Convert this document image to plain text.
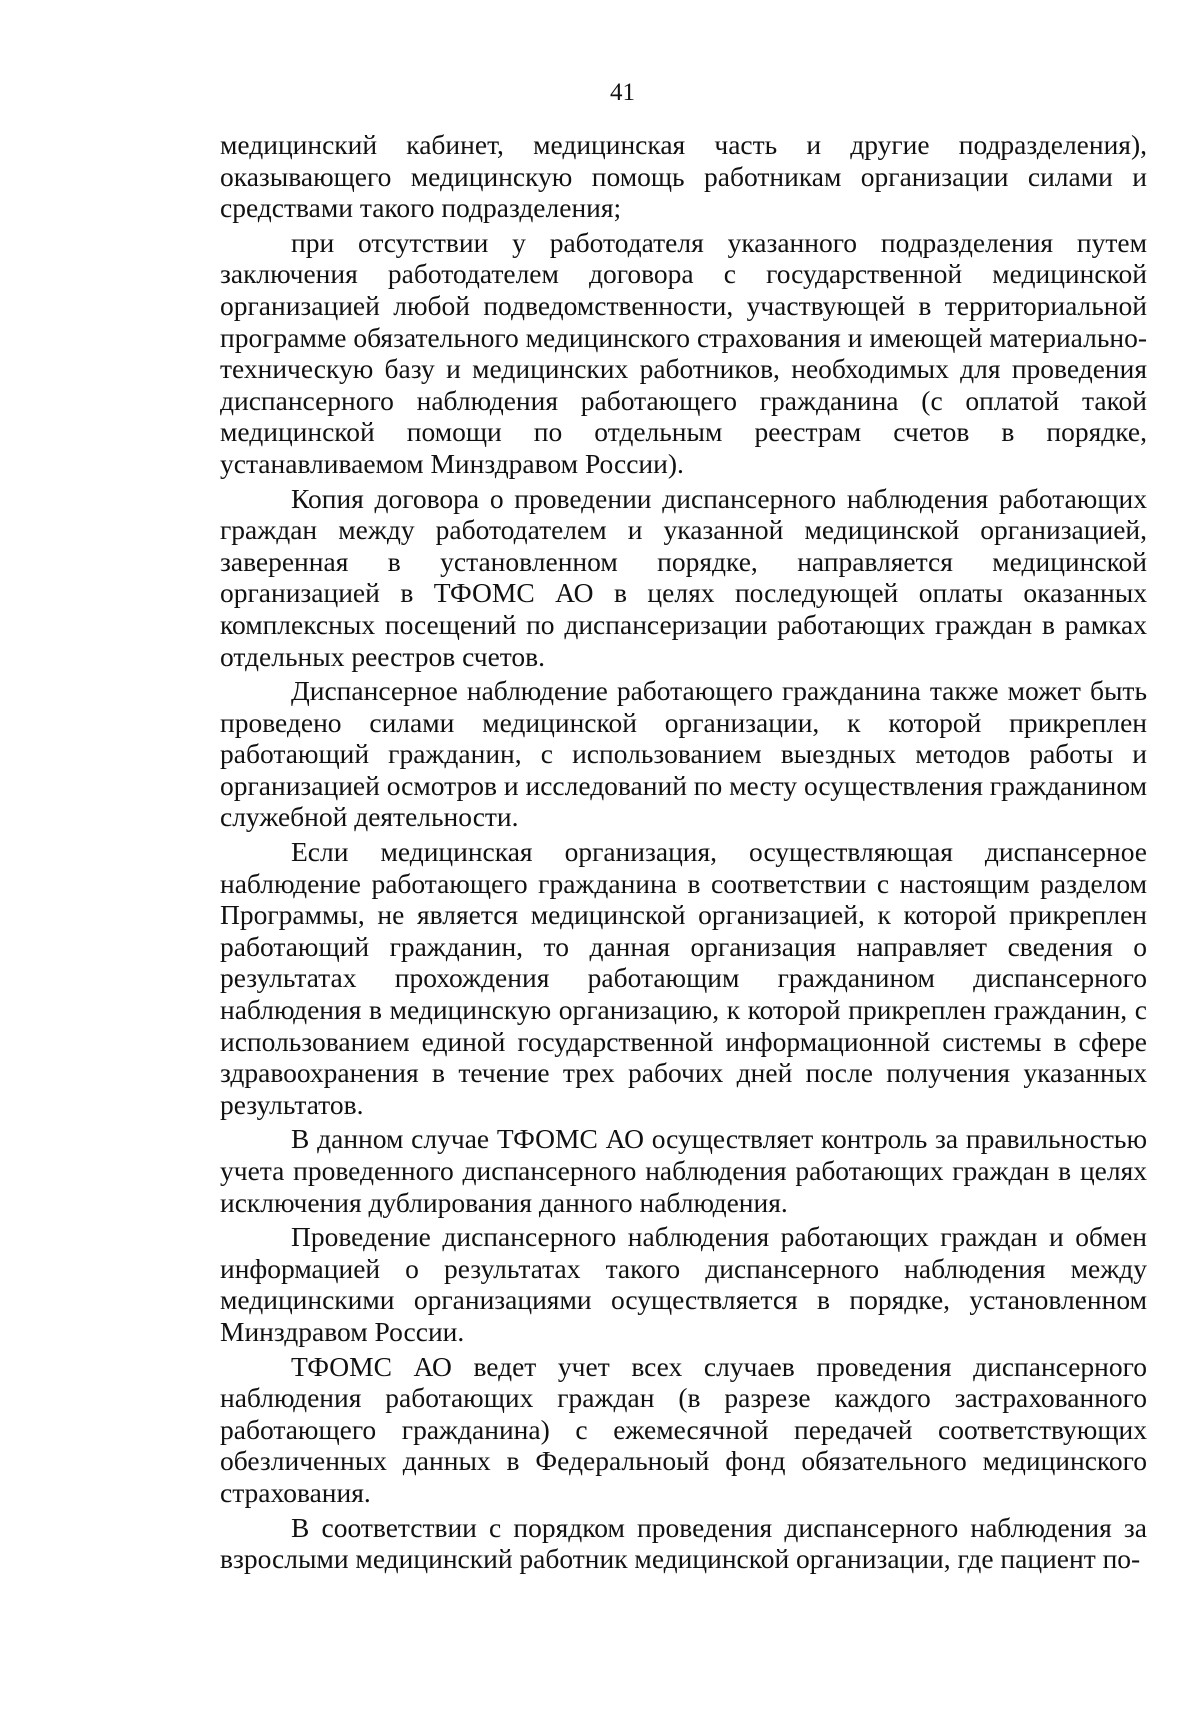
41

медицинский кабинет, медицинская часть и другие подразделения), оказывающего медицинскую помощь работникам организации силами и средствами такого подразделения;

при отсутствии у работодателя указанного подразделения путем заключения работодателем договора с государственной медицинской организацией любой подведомственности, участвующей в территориальной программе обязательного медицинского страхования и имеющей материально-техническую базу и медицинских работников, необходимых для проведения диспансерного наблюдения работающего гражданина (с оплатой такой медицинской помощи по отдельным реестрам счетов в порядке, устанавливаемом Минздравом России).

Копия договора о проведении диспансерного наблюдения работающих граждан между работодателем и указанной медицинской организацией, заверенная в установленном порядке, направляется медицинской организацией в ТФОМС АО в целях последующей оплаты оказанных комплексных посещений по диспансеризации работающих граждан в рамках отдельных реестров счетов.

Диспансерное наблюдение работающего гражданина также может быть проведено силами медицинской организации, к которой прикреплен работающий гражданин, с использованием выездных методов работы и организацией осмотров и исследований по месту осуществления гражданином служебной деятельности.

Если медицинская организация, осуществляющая диспансерное наблюдение работающего гражданина в соответствии с настоящим разделом Программы, не является медицинской организацией, к которой прикреплен работающий гражданин, то данная организация направляет сведения о результатах прохождения работающим гражданином диспансерного наблюдения в медицинскую организацию, к которой прикреплен гражданин, с использованием единой государственной информационной системы в сфере здравоохранения в течение трех рабочих дней после получения указанных результатов.

В данном случае ТФОМС АО осуществляет контроль за правильностью учета проведенного диспансерного наблюдения работающих граждан в целях исключения дублирования данного наблюдения.

Проведение диспансерного наблюдения работающих граждан и обмен информацией о результатах такого диспансерного наблюдения между медицинскими организациями осуществляется в порядке, установленном Минздравом России.

ТФОМС АО ведет учет всех случаев проведения диспансерного наблюдения работающих граждан (в разрезе каждого застрахованного работающего гражданина) с ежемесячной передачей соответствующих обезличенных данных в Федеральноый фонд обязательного медицинского страхования.

В соответствии с порядком проведения диспансерного наблюдения за взрослыми медицинский работник медицинской организации, где пациент по-
